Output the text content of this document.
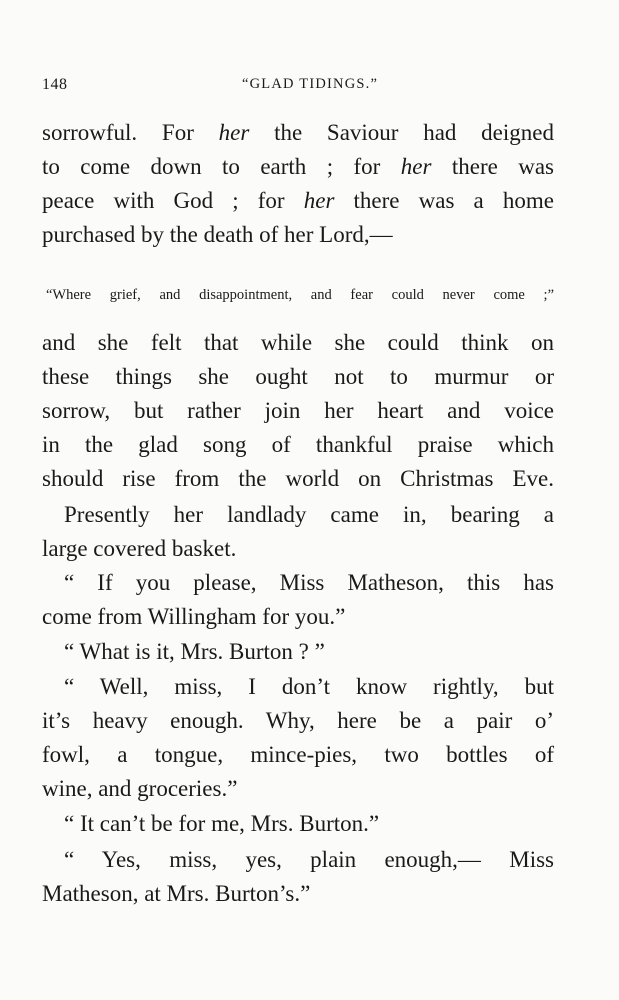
148	“GLAD TIDINGS.”
sorrowful. For her the Saviour had deigned
to come down to earth ; for her there was
peace with God ; for her there was a home
purchased by the death of her Lord,—
“Where grief, and disappointment, and fear could never come ;”
and she felt that while she could think on
these things she ought not to murmur or
sorrow, but rather join her heart and voice
in the glad song of thankful praise which
should rise from the world on Christmas Eve.
Presently her landlady came in, bearing a
large covered basket.
“ If you please, Miss Matheson, this has
come from Willingham for you.”
“ What is it, Mrs. Burton ? ”
“ Well, miss, I don’t know rightly, but
it’s heavy enough. Why, here be a pair o’
fowl, a tongue, mince-pies, two bottles of
wine, and groceries.”
“ It can’t be for me, Mrs. Burton.”
“ Yes, miss, yes, plain enough,— Miss
Matheson, at Mrs. Burton’s.”
